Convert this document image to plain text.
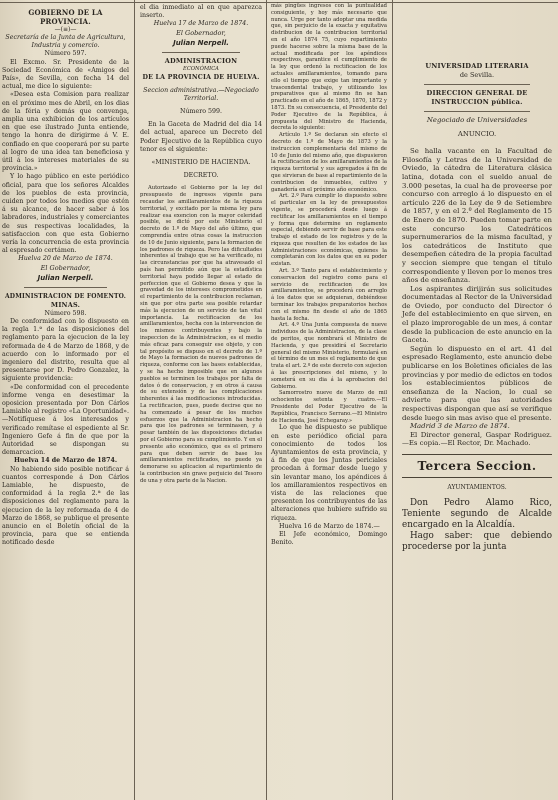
GOBIERNO DE LA PROVINCIA.
—(≡)—

Secretaría de la Junta de Agricultura, Industria y comercio.

Número 597.

El Excmo. Sr. Presidente de la Sociedad Económica de «Amigos del País», de Sevilla, con fecha 14 del actual, me dice lo siguiente:

«Desea esta Comision para realizar en el próximo mes de Abril, en los dias de la féria y demás que convenga, amplia una exhibicion de los artículos en que ese ilustrado Junta entiende, tengo la honra de dirigirme á V. E. confiado en que cooperará por su parte al logro de una idea tan beneficiosa y útil á los intereses materiales de su provincia.»

Y lo hago público en este periódico oficial, para que los señores Alcaldes de los pueblos de esta provincia, cuiden por todos los medios que estén á su alcance, de hacer saber á los labradores, industriales y comerciantes de sus respectivas localidades, la satisfaccion con que esta Gobierno vería la concurrencia de esta provincia al espresado certámen.

Huelva 20 de Marzo de 1874.

El Gobernador,
Julian Nerpell.
ADMINISTRACION DE FOMENTO.
MINAS.

Número 598.

De conformidad con lo dispuesto en la regla 1.ª de las disposiciones del reglamento para la ejecucion de la ley reformada de 4 de Marzo de 1868, y de acuerdo con lo informado por el ingeniero del distrito, resulta que al presentarse por D. Pedro Gonzalez, la siguiente providencia:

«De conformidad con el precedente informe venga en desestimar la oposicion presentada por Don Cárlos Lamiable al registro «La Oportunidad».—Notifíquese á los interesados y verificado remítase el espediente al Sr. Ingeniero Gefe á fin de que por la Autoridad se dispongan su demarcacion.

Huelva 14 de Marzo de 1874.

No habiendo sido posible notificar á cuantos corresponde á Don Cárlos Lamiable, he dispuesto, de conformidad á la regla 2.ª de las disposiciones del reglamento para la ejecucion de la ley reformada de 4 de Marzo de 1868, se publique el presente anuncio en el Boletín oficial de la provincia, para que se entienda notificado desde

el dia inmediato al en que aparezca inserto.

Huelva 17 de Marzo de 1874.

El Gobernador,
Julian Nerpell.
ADMINISTRACION
ECONÓMICA
DE LA PROVINCIA DE HUELVA.

Seccion administrativa.—Negociado Territorial.

Número 599.

En la Gaceta de Madrid del dia 14 del actual, aparece un Decreto del Poder Ejecutivo de la República cuyo tenor es el siguiente:

«MINISTERIO DE HACIENDA.

DECRETO.

Autorizado el Gobierno por la ley del presupuesto de ingresos vigente para recaudar los amillaramientos de la riqueza territorial, y excitado por la misma ley para realizar esa exencion con la mayor celeridad posible, se dictó por este Ministerio el decreto de 1.º de Mayo del año último, que comprendía entre otras cosas la instruccion de 10 de Junio siguiente, para la formacion de los padrones de riqueza. Pero las dificultades inherentes al trabajo que se ha verificado, ni las circunstancias por que ha atravesado el país han permitido aún que la estadística territorial haya podido llegar al estado de perfeccion que el Gobierno desea y que la gravedad de los intereses comprometidos en el repartimiento de la contribucion reclaman, sin que por otra parte sea posible retardar más la ejecucion de un servicio de tan vital importancia. La rectificacion de los amillaramientos, hecha con la intervencion de los mismos contribuyentes y bajo la inspeccion de la Administracion, es el medio más eficaz para conseguir ese objeto, y con tal propósito se dispuso en el decreto de 1.º de Mayo la formacion de nuevos padrones de riqueza, conforme con las bases establecidas, y se ha hecho imposible que en algunos pueblos se terminen los trabajos por falta de datos ó de conservacion, y en otros á causa de su extensión y de las complicaciones inherentes á las modificaciones introducidas. La rectificacion, pues, puede decirse que no ha comenzado á pesar de los muchos esfuerzos que la Administracion ha hecho para que los padrones se terminasen, y á pesar también de las disposiciones dictadas por el Gobierno para su cumplimiento. Y en el presente año económico, que es el primero para que deben servir de base los amillaramientos rectificados, no puede ya demorarse su aplicacion al repartimiento de la contribucion sin grave perjuicio del Tesoro de una y otra parte de la Nacion.

más pingües ingresos con la puntualidad consiguiente, y hoy más necesario que nunca. Urge por tanto adoptar una medida que, sin perjuicio de la exacta y equitativa distribucion de la contribucion territorial en el año 1874 75, cuyo repartimiento puede hacerse sobre la misma base de la actual modificada por los apéndices respectivos, garantice el cumplimiento de la ley que ordenó la rectificacion de los actuales amillaramientos, tomando para ello el tiempo que exige tan importante y trascendental trabajo, y utilizando los preparativos que al mismo fin se han practicado en el año de 1865, 1870, 1872 y 1873. En su consecuencia, el Presidente del Poder Ejecutivo de la República, á propuesta del Ministro de Hacienda, decreta lo siguiente:

Artículo 1.º Se declaran sin efecto el decreto de 1.º de Mayo de 1873 y la instruccion complementaria del mismo de 10 de Junio del mismo año, que dispusieron la rectificacion de los amillaramientos de la riqueza territorial y sus agregados á fin de que sirvieran de base al repartimiento de la contribucion de inmuebles, cultivo y ganadería en el próximo año económico.

Art. 2.º Para cumplir lo dispuesto sobre el particular en la ley de presupuestos vigente, se procederá desde luego á rectificar los amillaramientos en el tiempo y forma que determine un reglamento especial, debiendo servir de base para este trabajo el estado de los registros y de la riqueza que resulten de los estados de las Administraciones económicas, quienes la completarán con los datos que en su poder existan.

Art. 3.º Tanto para el establecimiento y conservacion del registro como para el servicio de rectificacion de los amillaramientos, se procederá con arreglo á los datos que se adquieran, debiéndose terminar los trabajos preparatorios hechos con el mismo fin desde el año de 1865 hasta la fecha.

Art. 4.º Una Junta compuesta de nueve individuos de la Administracion, de la clase de peritos, que nombrará el Ministro de Hacienda, y que presidirá el Secretario general del mismo Ministerio, formulará en el término de un mes el reglamento de que trata el art. 2.º de este decreto con sujecion á las prescripciones del mismo, y lo someterá en su dia á la aprobacion del Gobierno.

Samorrostro nueve de Marzo de mil ochocientos setenta y cuatro.—El Presidente del Poder Ejecutivo de la República, Francisco Serrano.—El Ministro de Hacienda, José Echegaray.»

Lo que he dispuesto se publique en este periódico oficial para conocimiento de todos los Ayuntamientos de esta provincia, y á fin de que los Juntas periciales procedan á formar desde luego y sin levantar mano, los apéndices á los amillaramientos respectivos en vista de las relaciones que presenten los contribuyentes de las alteraciones que hubiere sufrido su riqueza.

Huelva 16 de Marzo de 1874.—

El Jefe económico, Domingo Benito.

UNIVERSIDAD LITERARIA
de Sevilla.
DIRECCION GENERAL DE INSTRUCCION pública.

Negociado de Universidades

ANUNCIO.

Se halla vacante en la Facultad de Filosofía y Letras de la Universidad de Oviedo, la cátedra de Literatura clásica latina, dotada con el sueldo anual de 3.000 pesetas, la cual ha de proveerse por concurso con arreglo á lo dispuesto en el artículo 226 de la Ley de 9 de Setiembre de 1857, y en el 2.º del Reglamento de 15 de Enero de 1870. Pueden tomar parte en este concurso los Catedráticos supernumerarios de la misma facultad, y los catedráticos de Instituto que desempeñen cátedra de la propia facultad y seccion siempre que tengan el título correspondiente y lleven por lo menos tres años de enseñanza.

Los aspirantes dirijirán sus solicitudes documentadas al Rector de la Universidad de Oviedo, por conducto del Director ó Jefe del establecimiento en que sirven, en el plazo improrogable de un mes, á contar desde la publicacion de este anuncio en la Gaceta.

Según lo dispuesto en el art. 41 del espresado Reglamento, este anuncio debe publicarse en los Boletines oficiales de las provincias y por medio de edictos en todos los establecimientos públicos de enseñanza de la Nacion, lo cual se advierte para que las autoridades respectivas dispongan que así se verifique desde luego sin mas aviso que el presente.

Madrid 3 de Marzo de 1874.

El Director general, Gaspar Rodriguez.—Es copia.—El Rector, Dr. Machado.

Tercera Seccion.

AYUNTAMIENTOS.

Don Pedro Alamo Rico, Teniente segundo de Alcalde encargado en la Alcaldía.

Hago saber: que debiendo procederse por la junta
